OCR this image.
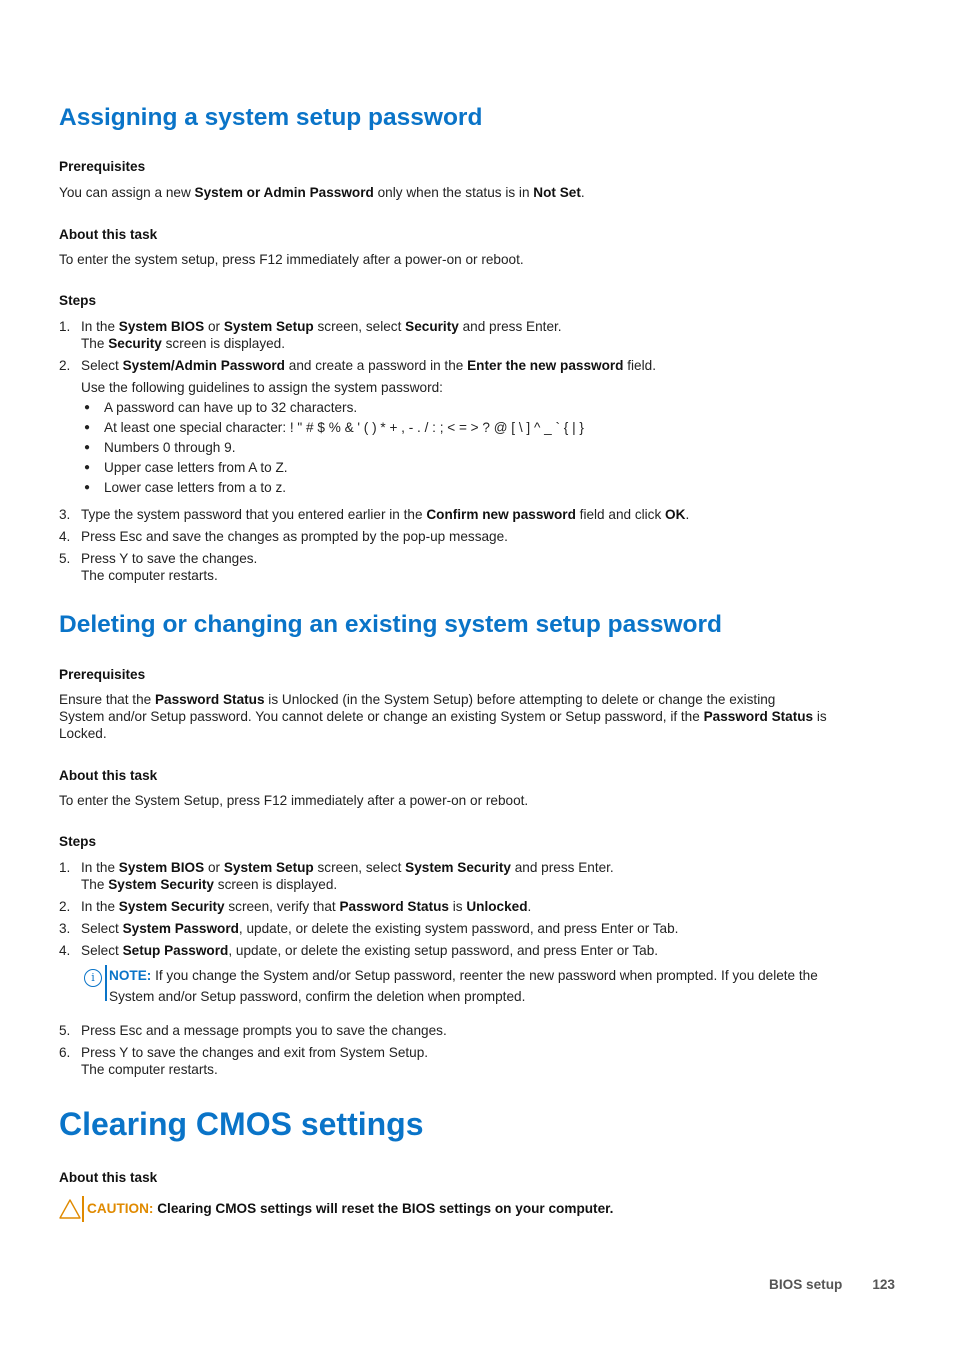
Assigning a system setup password
Prerequisites
You can assign a new System or Admin Password only when the status is in Not Set.
About this task
To enter the system setup, press F12 immediately after a power-on or reboot.
Steps
1. In the System BIOS or System Setup screen, select Security and press Enter.
The Security screen is displayed.
2. Select System/Admin Password and create a password in the Enter the new password field.
Use the following guidelines to assign the system password:
● A password can have up to 32 characters.
● At least one special character: ! " # $ % & ' ( ) * + , - . / : ; < = > ? @ [ \ ] ^ _ ` { | }
● Numbers 0 through 9.
● Upper case letters from A to Z.
● Lower case letters from a to z.
3. Type the system password that you entered earlier in the Confirm new password field and click OK.
4. Press Esc and save the changes as prompted by the pop-up message.
5. Press Y to save the changes.
The computer restarts.
Deleting or changing an existing system setup password
Prerequisites
Ensure that the Password Status is Unlocked (in the System Setup) before attempting to delete or change the existing
System and/or Setup password. You cannot delete or change an existing System or Setup password, if the Password Status is
Locked.
About this task
To enter the System Setup, press F12 immediately after a power-on or reboot.
Steps
1. In the System BIOS or System Setup screen, select System Security and press Enter.
The System Security screen is displayed.
2. In the System Security screen, verify that Password Status is Unlocked.
3. Select System Password, update, or delete the existing system password, and press Enter or Tab.
4. Select Setup Password, update, or delete the existing setup password, and press Enter or Tab.
i	NOTE: If you change the System and/or Setup password, reenter the new password when prompted. If you delete the
System and/or Setup password, confirm the deletion when prompted.
5. Press Esc and a message prompts you to save the changes.
6. Press Y to save the changes and exit from System Setup.
The computer restarts.
Clearing CMOS settings
About this task
CAUTION: Clearing CMOS settings will reset the BIOS settings on your computer.
BIOS setup 123
